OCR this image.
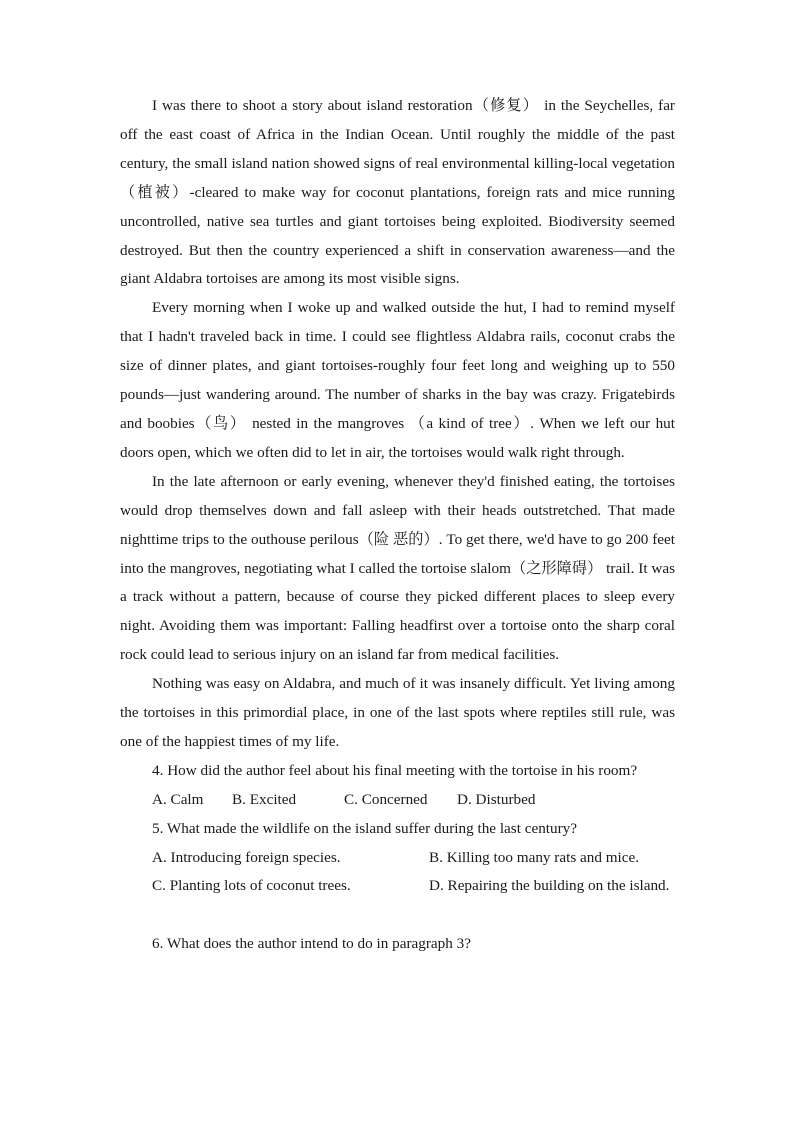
I was there to shoot a story about island restoration（修复） in the Seychelles, far off the east coast of Africa in the Indian Ocean. Until roughly the middle of the past century, the small island nation showed signs of real environmental killing-local vegetation（植被）-cleared to make way for coconut plantations, foreign rats and mice running uncontrolled, native sea turtles and giant tortoises being exploited. Biodiversity seemed destroyed. But then the country experienced a shift in conservation awareness—and the giant Aldabra tortoises are among its most visible signs.

Every morning when I woke up and walked outside the hut, I had to remind myself that I hadn't traveled back in time. I could see flightless Aldabra rails, coconut crabs the size of dinner plates, and giant tortoises-roughly four feet long and weighing up to 550 pounds—just wandering around. The number of sharks in the bay was crazy. Frigatebirds and boobies（鸟） nested in the mangroves （a kind of tree）. When we left our hut doors open, which we often did to let in air, the tortoises would walk right through.

In the late afternoon or early evening, whenever they'd finished eating, the tortoises would drop themselves down and fall asleep with their heads outstretched. That made nighttime trips to the outhouse perilous（险 恶的）. To get there, we'd have to go 200 feet into the mangroves, negotiating what I called the tortoise slalom（之形障碍） trail. It was a track without a pattern, because of course they picked different places to sleep every night. Avoiding them was important: Falling headfirst over a tortoise onto the sharp coral rock could lead to serious injury on an island far from medical facilities.

Nothing was easy on Aldabra, and much of it was insanely difficult. Yet living among the tortoises in this primordial place, in one of the last spots where reptiles still rule, was one of the happiest times of my life.

4. How did the author feel about his final meeting with the tortoise in his room?

A. Calm B. Excited	C. Concerned D. Disturbed

5. What made the wildlife on the island suffer during the last century?

A. Introducing foreign species.	B. Killing too many rats and mice.
C. Planting lots of coconut trees.	D. Repairing the building on the island.

6. What does the author intend to do in paragraph 3?
